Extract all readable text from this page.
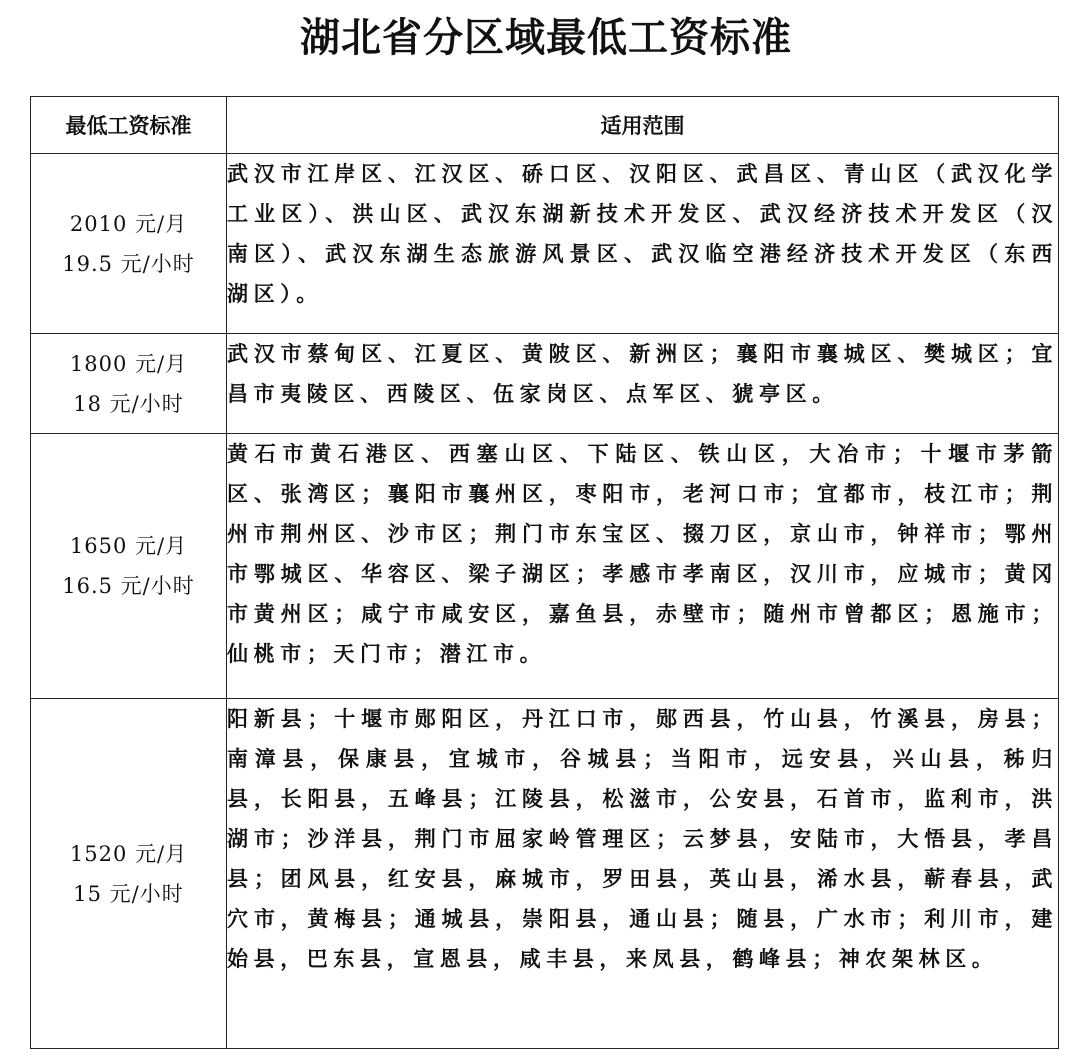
湖北省分区域最低工资标准
最低工资标准	适用范围

2010 元/月
19.5 元/小时	武汉市江岸区、江汉区、硚口区、汉阳区、武昌区、青山区（武汉化学工业区）、洪山区、武汉东湖新技术开发区、武汉经济技术开发区（汉南区）、武汉东湖生态旅游风景区、武汉临空港经济技术开发区（东西湖区）。

1800 元/月
18 元/小时	武汉市蔡甸区、江夏区、黄陂区、新洲区；襄阳市襄城区、樊城区；宜昌市夷陵区、西陵区、伍家岗区、点军区、猇亭区。

1650 元/月
16.5 元/小时	黄石市黄石港区、西塞山区、下陆区、铁山区，大冶市；十堰市茅箭区、张湾区；襄阳市襄州区，枣阳市，老河口市；宜都市，枝江市；荆州市荆州区、沙市区；荆门市东宝区、掇刀区，京山市，钟祥市；鄂州市鄂城区、华容区、梁子湖区；孝感市孝南区，汉川市，应城市；黄冈市黄州区；咸宁市咸安区，嘉鱼县，赤壁市；随州市曾都区；恩施市；仙桃市；天门市；潜江市。

1520 元/月
15 元/小时	阳新县；十堰市郧阳区，丹江口市，郧西县，竹山县，竹溪县，房县；南漳县，保康县，宜城市，谷城县；当阳市，远安县，兴山县，秭归县，长阳县，五峰县；江陵县，松滋市，公安县，石首市，监利市，洪湖市；沙洋县，荆门市屈家岭管理区；云梦县，安陆市，大悟县，孝昌县；团风县，红安县，麻城市，罗田县，英山县，浠水县，蕲春县，武穴市，黄梅县；通城县，崇阳县，通山县；随县，广水市；利川市，建始县，巴东县，宣恩县，咸丰县，来凤县，鹤峰县；神农架林区。
